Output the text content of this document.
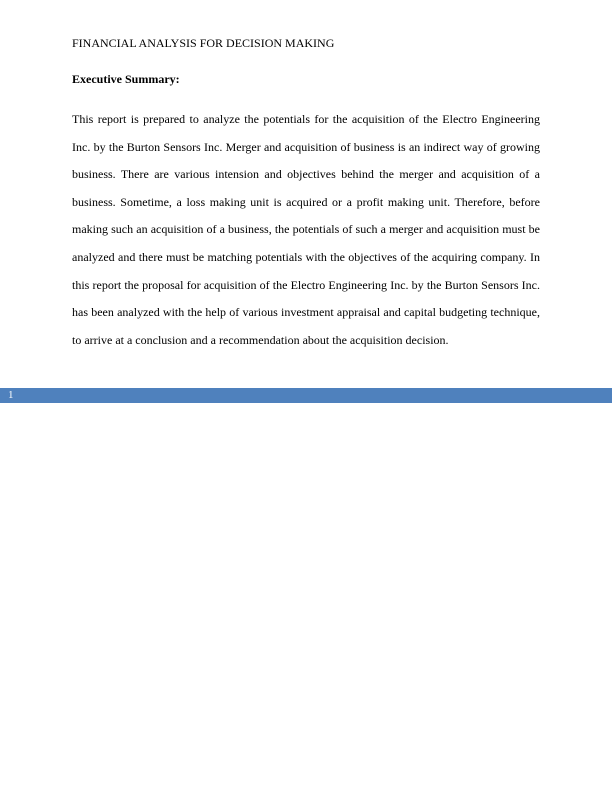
FINANCIAL ANALYSIS FOR DECISION MAKING
Executive Summary:

This report is prepared to analyze the potentials for the acquisition of the Electro Engineering Inc. by the Burton Sensors Inc. Merger and acquisition of business is an indirect way of growing business. There are various intension and objectives behind the merger and acquisition of a business. Sometime, a loss making unit is acquired or a profit making unit. Therefore, before making such an acquisition of a business, the potentials of such a merger and acquisition must be analyzed and there must be matching potentials with the objectives of the acquiring company. In this report the proposal for acquisition of the Electro Engineering Inc. by the Burton Sensors Inc. has been analyzed with the help of various investment appraisal and capital budgeting technique, to arrive at a conclusion and a recommendation about the acquisition decision.

1
